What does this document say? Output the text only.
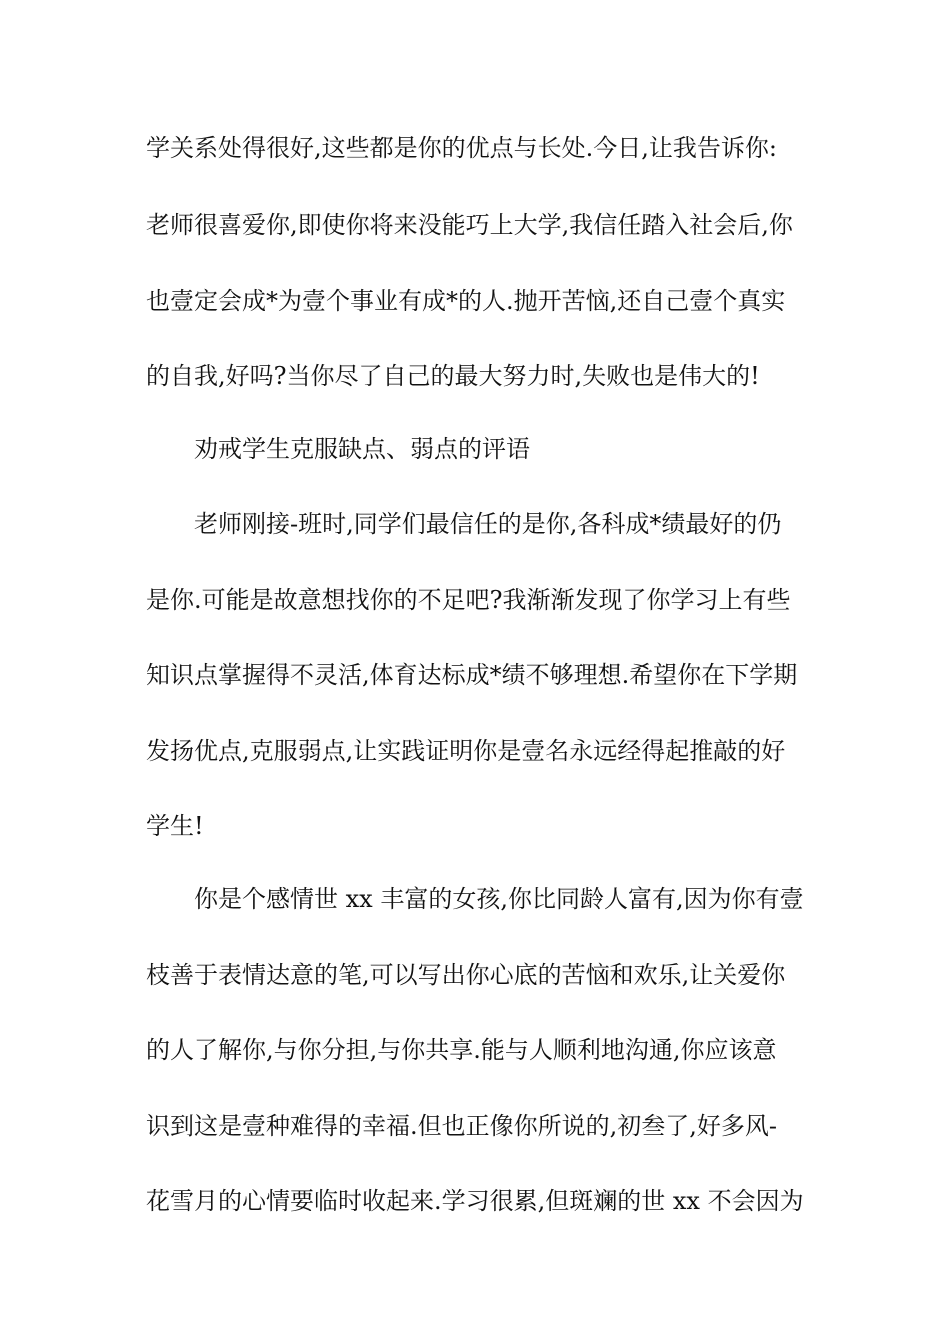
学关系处得很好,这些都是你的优点与长处.今日,让我告诉你:

老师很喜爱你,即使你将来没能巧上大学,我信任踏入社会后,你

也壹定会成*为壹个事业有成*的人.抛开苦恼,还自己壹个真实

的自我,好吗?当你尽了自己的最大努力时,失败也是伟大的!

劝戒学生克服缺点、弱点的评语

老师刚接-班时,同学们最信任的是你,各科成*绩最好的仍

是你.可能是故意想找你的不足吧?我渐渐发现了你学习上有些

知识点掌握得不灵活,体育达标成*绩不够理想.希望你在下学期

发扬优点,克服弱点,让实践证明你是壹名永远经得起推敲的好

学生!

你是个感情世 xx 丰富的女孩,你比同龄人富有,因为你有壹

枝善于表情达意的笔,可以写出你心底的苦恼和欢乐,让关爱你

的人了解你,与你分担,与你共享.能与人顺利地沟通,你应该意

识到这是壹种难得的幸福.但也正像你所说的,初叁了,好多风-

花雪月的心情要临时收起来.学习很累,但斑斓的世 xx 不会因为
